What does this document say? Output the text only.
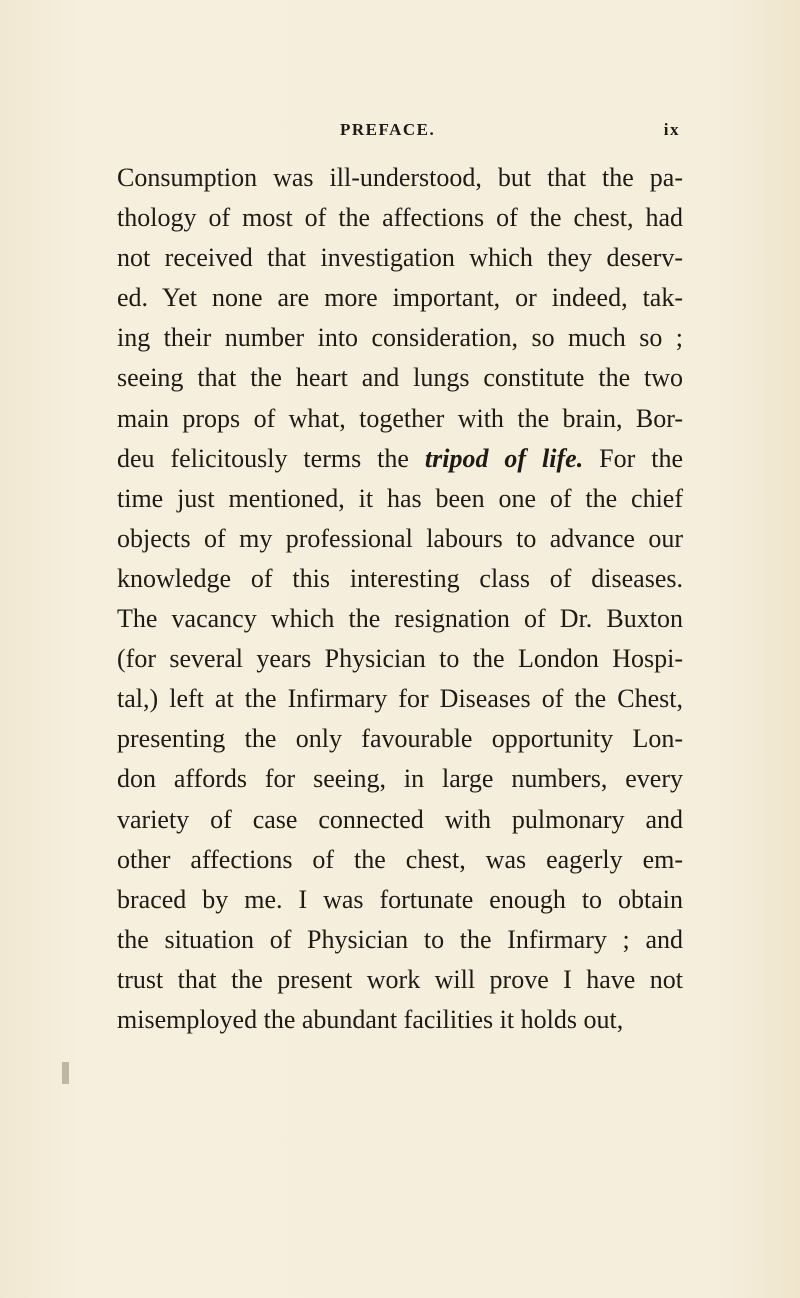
PREFACE.	ix
Consumption was ill-understood, but that the pa-
thology of most of the affections of the chest, had
not received that investigation which they deserv-
ed. Yet none are more important, or indeed, tak-
ing their number into consideration, so much so ;
seeing that the heart and lungs constitute the two
main props of what, together with the brain, Bor-
deu felicitously terms the tripod of life. For the
time just mentioned, it has been one of the chief
objects of my professional labours to advance our
knowledge of this interesting class of diseases.
The vacancy which the resignation of Dr. Buxton
(for several years Physician to the London Hospi-
tal,) left at the Infirmary for Diseases of the Chest,
presenting the only favourable opportunity Lon-
don affords for seeing, in large numbers, every
variety of case connected with pulmonary and
other affections of the chest, was eagerly em-
braced by me. I was fortunate enough to obtain
the situation of Physician to the Infirmary ; and
trust that the present work will prove I have not
misemployed the abundant facilities it holds out,
